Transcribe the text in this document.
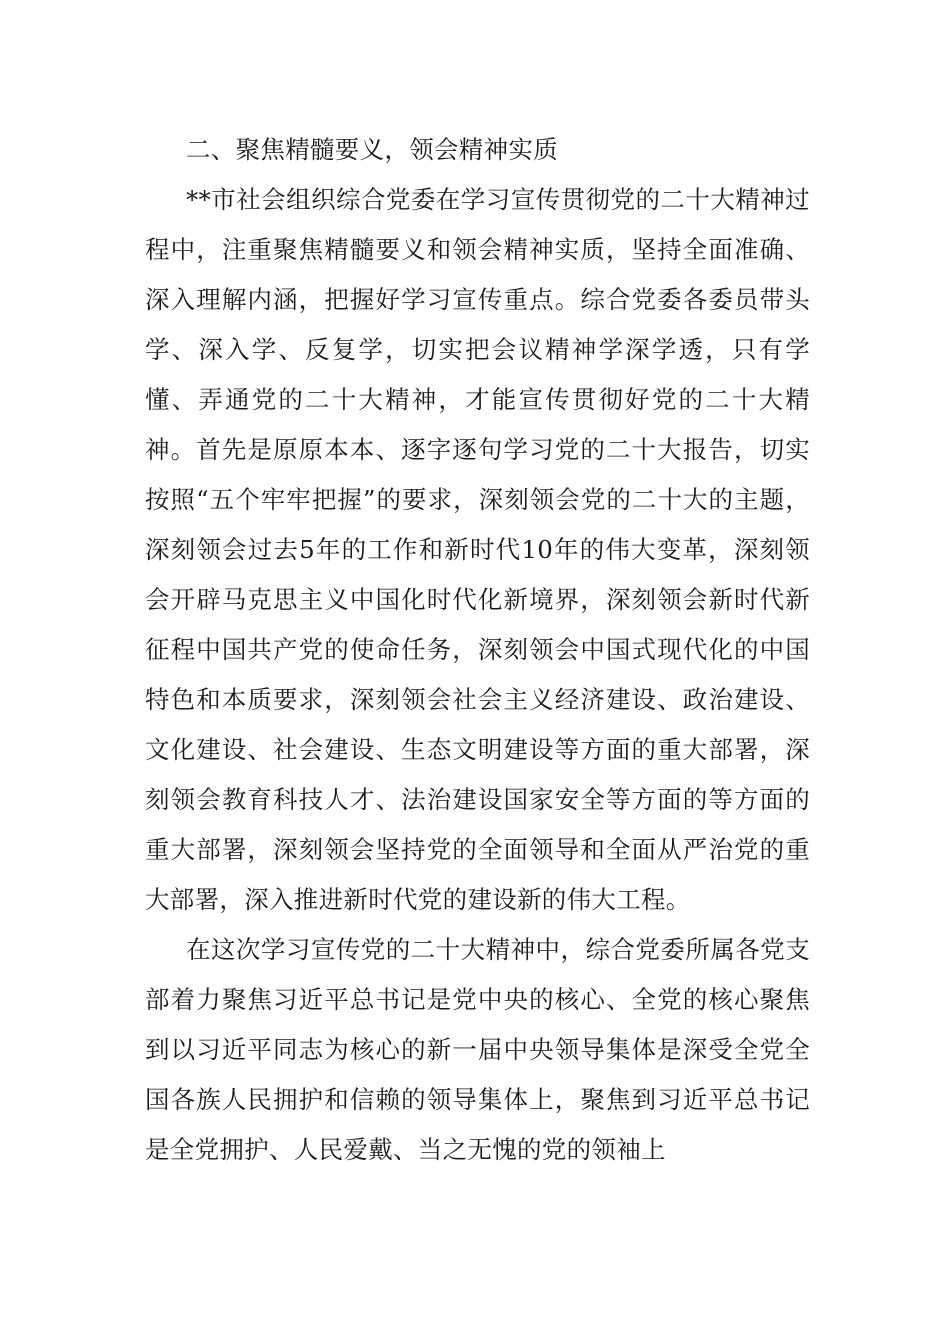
二、聚焦精髓要义，领会精神实质

**市社会组织综合党委在学习宣传贯彻党的二十大精神过程中，注重聚焦精髓要义和领会精神实质，坚持全面准确、深入理解内涵，把握好学习宣传重点。综合党委各委员带头学、深入学、反复学，切实把会议精神学深学透，只有学懂、弄通党的二十大精神，才能宣传贯彻好党的二十大精神。首先是原原本本、逐字逐句学习党的二十大报告，切实按照“五个牢牢把握”的要求，深刻领会党的二十大的主题，深刻领会过去5年的工作和新时代10年的伟大变革，深刻领会开辟马克思主义中国化时代化新境界，深刻领会新时代新征程中国共产党的使命任务，深刻领会中国式现代化的中国特色和本质要求，深刻领会社会主义经济建设、政治建设、文化建设、社会建设、生态文明建设等方面的重大部署，深刻领会教育科技人才、法治建设国家安全等方面的等方面的重大部署，深刻领会坚持党的全面领导和全面从严治党的重大部署，深入推进新时代党的建设新的伟大工程。

在这次学习宣传党的二十大精神中，综合党委所属各党支部着力聚焦习近平总书记是党中央的核心、全党的核心聚焦到以习近平同志为核心的新一届中央领导集体是深受全党全国各族人民拥护和信赖的领导集体上，聚焦到习近平总书记是全党拥护、人民爱戴、当之无愧的党的领袖上
